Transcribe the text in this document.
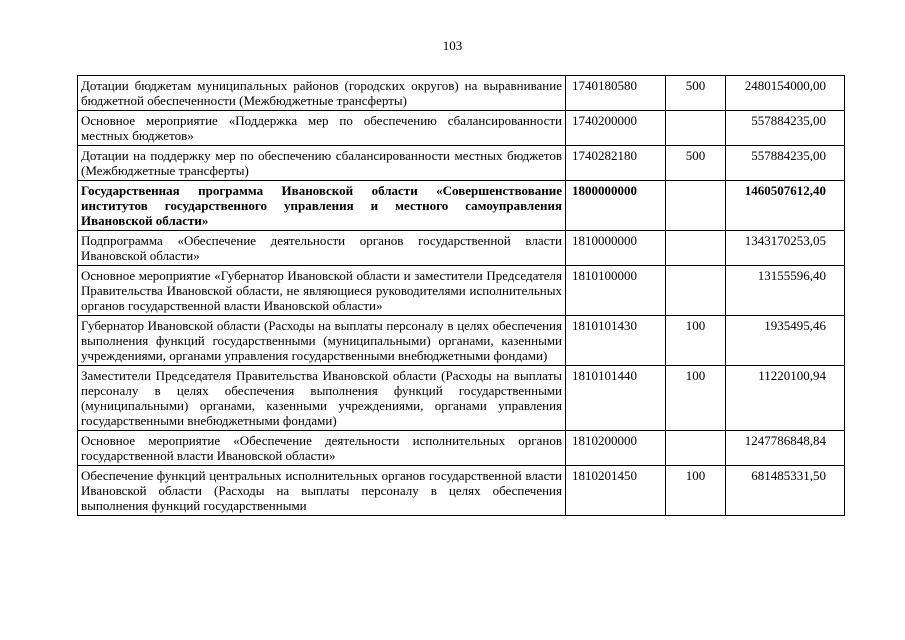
103
Дотации бюджетам муниципальных районов (городских округов) на выравнивание бюджетной обеспеченности (Межбюджетные трансферты)	1740180580	500	2480154000,00
Основное мероприятие «Поддержка мер по обеспечению сбалансированности местных бюджетов»	1740200000		557884235,00
Дотации на поддержку мер по обеспечению сбалансированности местных бюджетов (Межбюджетные трансферты)	1740282180	500	557884235,00
Государственная программа Ивановской области «Совершенствование институтов государственного управления и местного самоуправления Ивановской области»	1800000000		1460507612,40
Подпрограмма «Обеспечение деятельности органов государственной власти Ивановской области»	1810000000		1343170253,05
Основное мероприятие «Губернатор Ивановской области и заместители Председателя Правительства Ивановской области, не являющиеся руководителями исполнительных органов государственной власти Ивановской области»	1810100000		13155596,40
Губернатор Ивановской области (Расходы на выплаты персоналу в целях обеспечения выполнения функций государственными (муниципальными) органами, казенными учреждениями, органами управления государственными внебюджетными фондами)	1810101430	100	1935495,46
Заместители Председателя Правительства Ивановской области (Расходы на выплаты персоналу в целях обеспечения выполнения функций государственными (муниципальными) органами, казенными учреждениями, органами управления государственными внебюджетными фондами)	1810101440	100	11220100,94
Основное мероприятие «Обеспечение деятельности исполнительных органов государственной власти Ивановской области»	1810200000		1247786848,84
Обеспечение функций центральных исполнительных органов государственной власти Ивановской области (Расходы на выплаты персоналу в целях обеспечения выполнения функций государственными	1810201450	100	681485331,50
